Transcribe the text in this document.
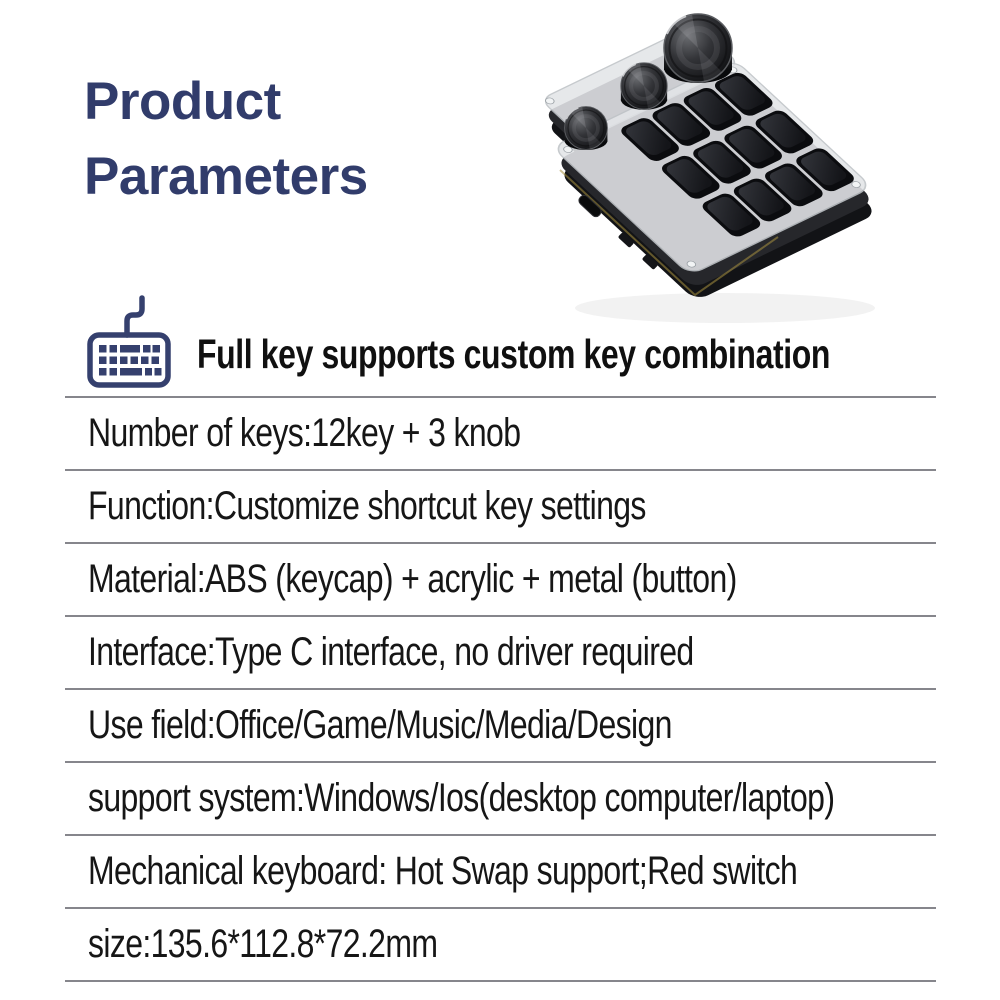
Product
Parameters
Full key supports custom key combination
Number of keys:12key + 3 knob
Function:Customize shortcut key settings
Material:ABS (keycap) + acrylic + metal (button)
Interface:Type C interface, no driver required
Use field:Office/Game/Music/Media/Design
support system:Windows/Ios(desktop computer/laptop)
Mechanical keyboard: Hot Swap support;Red switch
size:135.6*112.8*72.2mm
